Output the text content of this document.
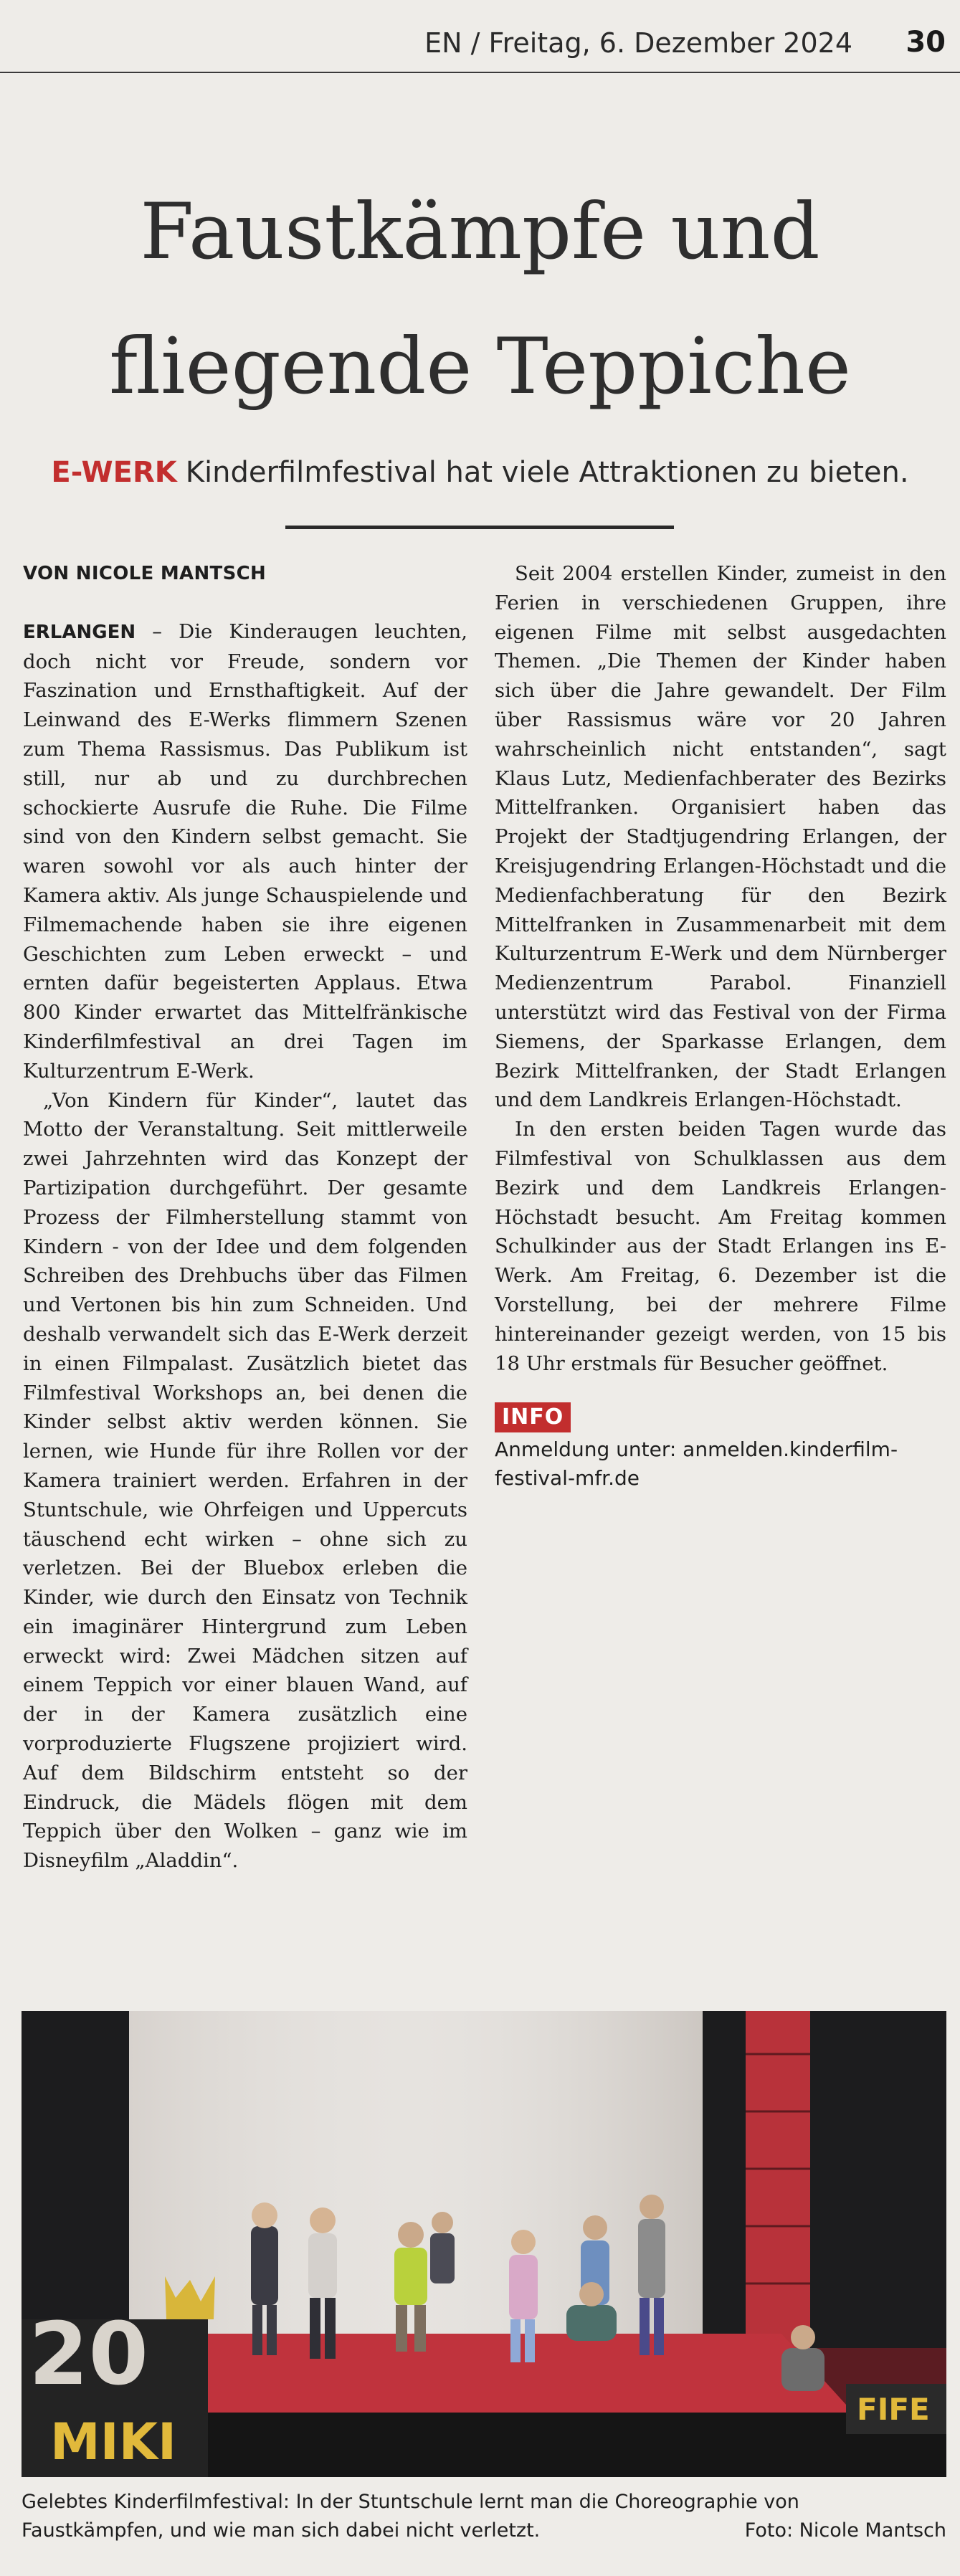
EN / Freitag, 6. Dezember 2024 30
Faustkämpfe und
fliegende Teppiche
E-WERK Kinderfilmfestival hat viele Attraktionen zu bieten.
VON NICOLE MANTSCH

ERLANGEN – Die Kinderaugen leuchten, doch nicht vor Freude, sondern vor Faszination und Ernsthaftigkeit. Auf der Leinwand des E-Werks flimmern Szenen zum Thema Rassismus. Das Publikum ist still, nur ab und zu durchbrechen schockierte Ausrufe die Ruhe. Die Filme sind von den Kindern selbst gemacht. Sie waren sowohl vor als auch hinter der Kamera aktiv. Als junge Schauspielende und Filmemachende haben sie ihre eigenen Geschichten zum Leben erweckt – und ernten dafür begeisterten Applaus. Etwa 800 Kinder erwartet das Mittelfränkische Kinderfilmfestival an drei Tagen im Kulturzentrum E-Werk.

„Von Kindern für Kinder“, lautet das Motto der Veranstaltung. Seit mittlerweile zwei Jahrzehnten wird das Konzept der Partizipation durchgeführt. Der gesamte Prozess der Filmherstellung stammt von Kindern - von der Idee und dem folgenden Schreiben des Drehbuchs über das Filmen und Vertonen bis hin zum Schneiden. Und deshalb verwandelt sich das E-Werk derzeit in einen Filmpalast. Zusätzlich bietet das Filmfestival Workshops an, bei denen die Kinder selbst aktiv werden können. Sie lernen, wie Hunde für ihre Rollen vor der Kamera trainiert werden. Erfahren in der Stuntschule, wie Ohrfeigen und Uppercuts täuschend echt wirken – ohne sich zu verletzen. Bei der Bluebox erleben die Kinder, wie durch den Einsatz von Technik ein imaginärer Hintergrund zum Leben erweckt wird: Zwei Mädchen sitzen auf einem Teppich vor einer blauen Wand, auf der in der Kamera zusätzlich eine vorproduzierte Flugszene projiziert wird. Auf dem Bildschirm entsteht so der Eindruck, die Mädels flögen mit dem Teppich über den Wolken – ganz wie im Disneyfilm „Aladdin“.

Seit 2004 erstellen Kinder, zumeist in den Ferien in verschiedenen Gruppen, ihre eigenen Filme mit selbst ausgedachten Themen. „Die Themen der Kinder haben sich über die Jahre gewandelt. Der Film über Rassismus wäre vor 20 Jahren wahrscheinlich nicht entstanden“, sagt Klaus Lutz, Medienfachberater des Bezirks Mittelfranken. Organisiert haben das Projekt der Stadtjugendring Erlangen, der Kreisjugendring Erlangen-Höchstadt und die Medienfachberatung für den Bezirk Mittelfranken in Zusammenarbeit mit dem Kulturzentrum E-Werk und dem Nürnberger Medienzentrum Parabol. Finanziell unterstützt wird das Festival von der Firma Siemens, der Sparkasse Erlangen, dem Bezirk Mittelfranken, der Stadt Erlangen und dem Landkreis Erlangen-Höchstadt.

In den ersten beiden Tagen wurde das Filmfestival von Schulklassen aus dem Bezirk und dem Landkreis Erlangen-Höchstadt besucht. Am Freitag kommen Schulkinder aus der Stadt Erlangen ins E-Werk. Am Freitag, 6. Dezember ist die Vorstellung, bei der mehrere Filme hintereinander gezeigt werden, von 15 bis 18 Uhr erstmals für Besucher geöffnet.

INFO
Anmeldung unter: anmelden.kinderfilm-festival-mfr.de
20
MIKI
FIFE
Gelebtes Kinderfilmfestival: In der Stuntschule lernt man die Choreographie von Faustkämpfen, und wie man sich dabei nicht verletzt.	Foto: Nicole Mantsch
